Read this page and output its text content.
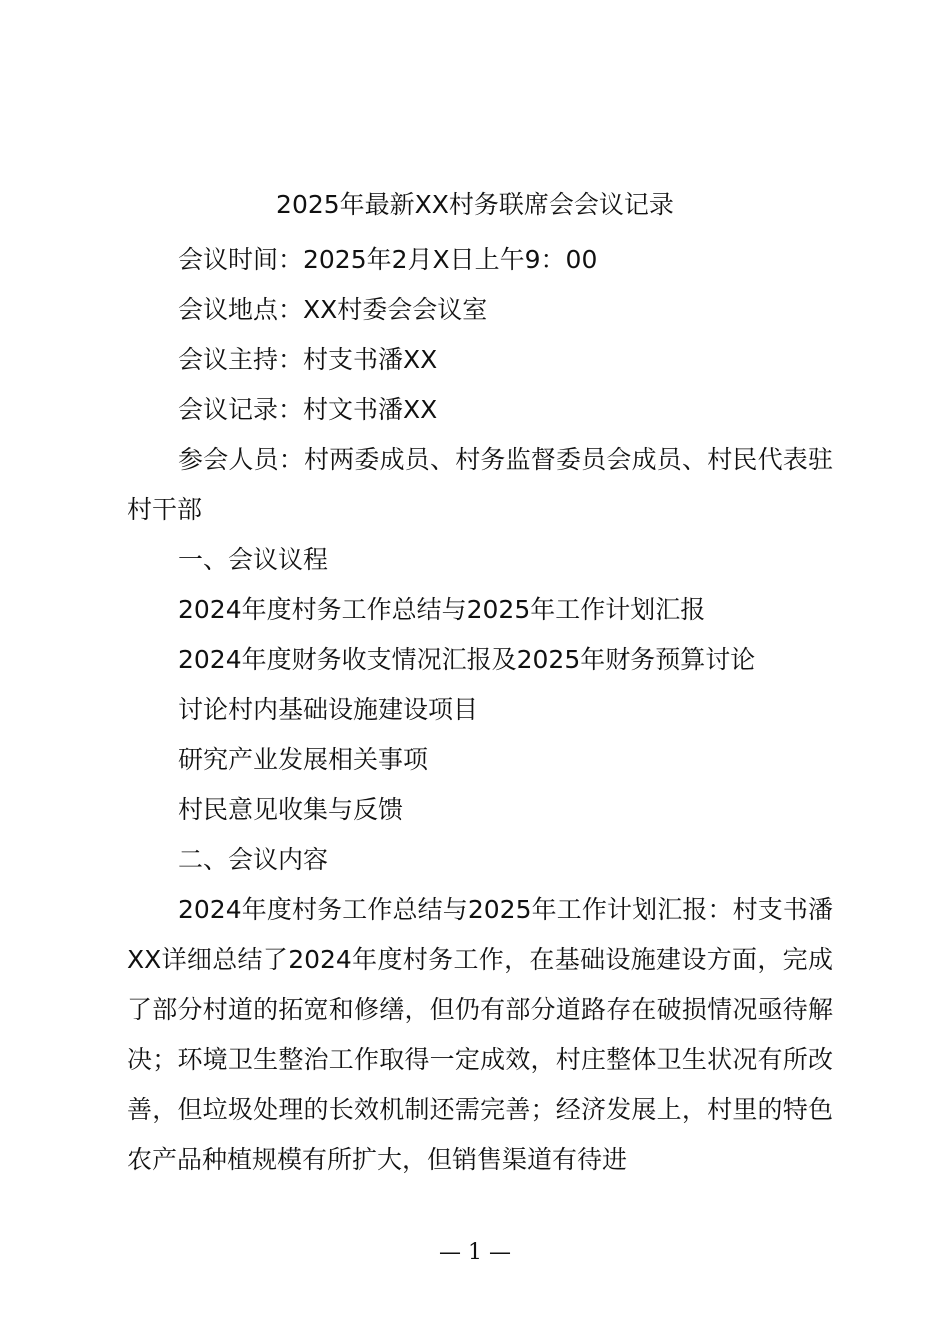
2025年最新XX村务联席会会议记录

会议时间：2025年2月X日上午9：00

会议地点：XX村委会会议室

会议主持：村支书潘XX

会议记录：村文书潘XX

参会人员：村两委成员、村务监督委员会成员、村民代表驻村干部

一、会议议程

2024年度村务工作总结与2025年工作计划汇报

2024年度财务收支情况汇报及2025年财务预算讨论

讨论村内基础设施建设项目

研究产业发展相关事项

村民意见收集与反馈

二、会议内容

2024年度村务工作总结与2025年工作计划汇报：村支书潘XX详细总结了2024年度村务工作，在基础设施建设方面，完成了部分村道的拓宽和修缮，但仍有部分道路存在破损情况亟待解决；环境卫生整治工作取得一定成效，村庄整体卫生状况有所改善，但垃圾处理的长效机制还需完善；经济发展上，村里的特色农产品种植规模有所扩大，但销售渠道有待进

— 1 —
